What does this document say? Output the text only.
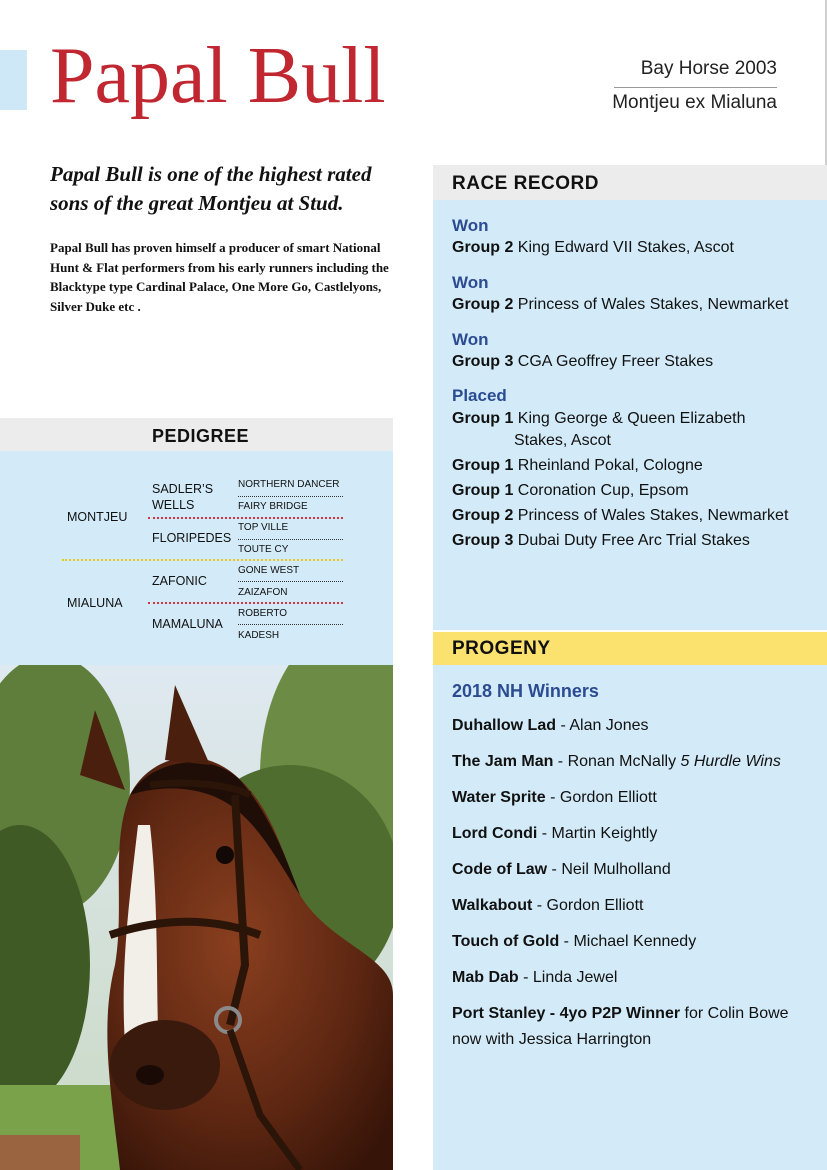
Papal Bull	Bay Horse 2003
Montjeu ex Mialuna
Papal Bull is one of the highest rated sons of the great Montjeu at Stud.
Papal Bull has proven himself a producer of smart National Hunt & Flat performers from his early runners including the Blacktype type Cardinal Palace, One More Go, Castlelyons, Silver Duke etc .
PEDIGREE
MONTJEU
MIALUNA
SADLER’S WELLS
FLORIPEDES
ZAFONIC
MAMALUNA
NORTHERN DANCER
FAIRY BRIDGE
TOP VILLE
TOUTE CY
GONE WEST
ZAIZAFON
ROBERTO
KADESH
RACE RECORD
Won
Group 2 King Edward VII Stakes, Ascot
Won
Group 2 Princess of Wales Stakes, Newmarket
Won
Group 3 CGA Geoffrey Freer Stakes
Placed
Group 1 King George & Queen Elizabeth
Stakes, Ascot
Group 1 Rheinland Pokal, Cologne
Group 1 Coronation Cup, Epsom
Group 2 Princess of Wales Stakes, Newmarket
Group 3 Dubai Duty Free Arc Trial Stakes
PROGENY
2018 NH Winners
Duhallow Lad - Alan Jones
The Jam Man - Ronan McNally 5 Hurdle Wins
Water Sprite - Gordon Elliott
Lord Condi - Martin Keightly
Code of Law - Neil Mulholland
Walkabout - Gordon Elliott
Touch of Gold - Michael Kennedy
Mab Dab - Linda Jewel
Port Stanley - 4yo P2P Winner for Colin Bowe
now with Jessica Harrington
